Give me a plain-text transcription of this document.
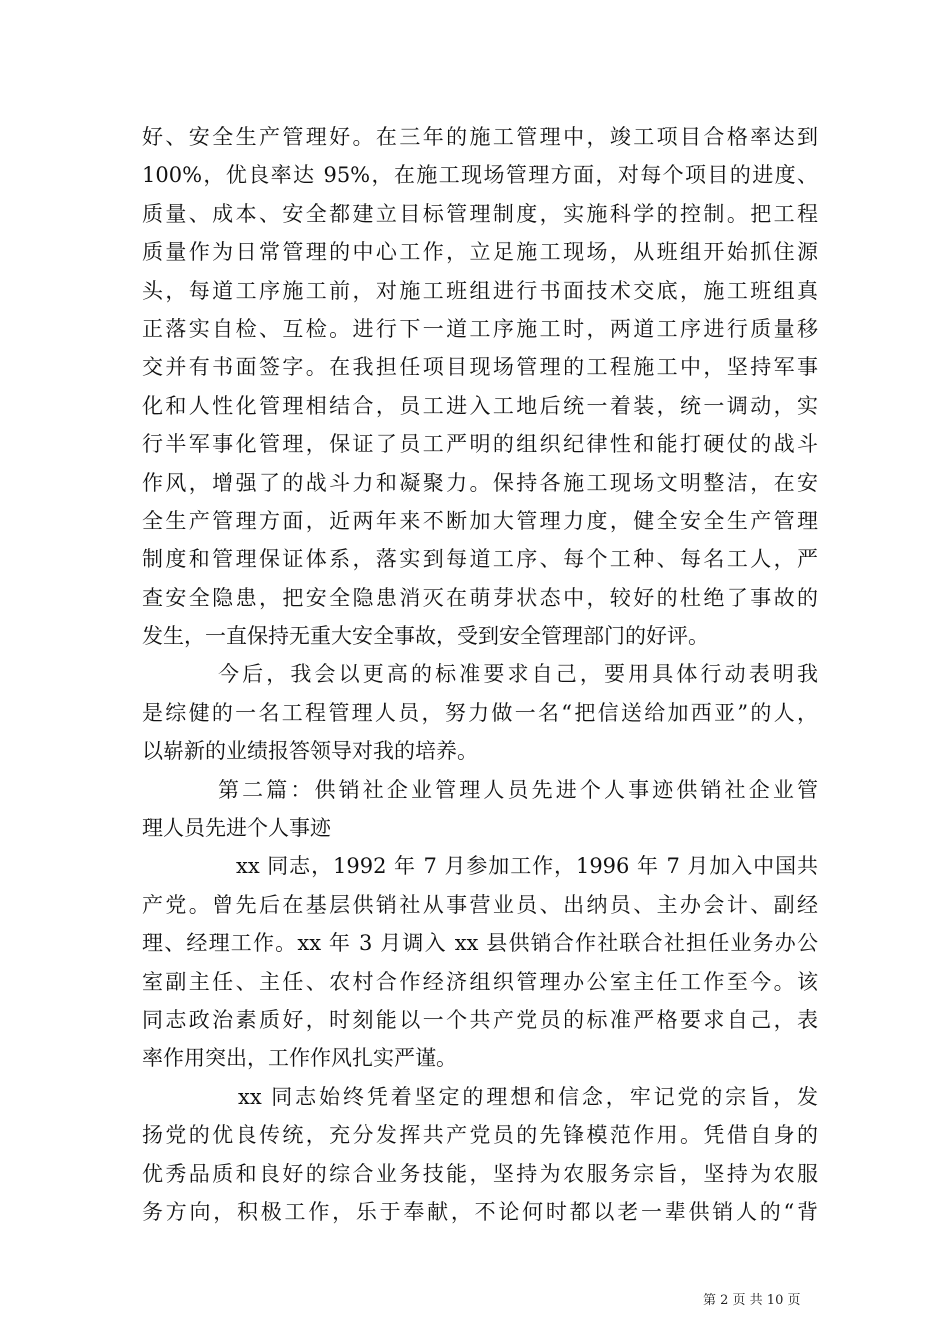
好、安全生产管理好。在三年的施工管理中，竣工项目合格率达到
100%，优良率达 95%，在施工现场管理方面，对每个项目的进度、
质量、成本、安全都建立目标管理制度，实施科学的控制。把工程
质量作为日常管理的中心工作，立足施工现场，从班组开始抓住源
头，每道工序施工前，对施工班组进行书面技术交底，施工班组真
正落实自检、互检。进行下一道工序施工时，两道工序进行质量移
交并有书面签字。在我担任项目现场管理的工程施工中，坚持军事
化和人性化管理相结合，员工进入工地后统一着装，统一调动，实
行半军事化管理，保证了员工严明的组织纪律性和能打硬仗的战斗
作风，增强了的战斗力和凝聚力。保持各施工现场文明整洁，在安
全生产管理方面，近两年来不断加大管理力度，健全安全生产管理
制度和管理保证体系，落实到每道工序、每个工种、每名工人，严
查安全隐患，把安全隐患消灭在萌芽状态中，较好的杜绝了事故的
发生，一直保持无重大安全事故，受到安全管理部门的好评。
今后，我会以更高的标准要求自己，要用具体行动表明我
是综健的一名工程管理人员，努力做一名“把信送给加西亚”的人，
以崭新的业绩报答领导对我的培养。
第二篇：供销社企业管理人员先进个人事迹供销社企业管
理人员先进个人事迹
xx 同志，1992 年 7 月参加工作，1996 年 7 月加入中国共
产党。曾先后在基层供销社从事营业员、出纳员、主办会计、副经
理、经理工作。xx 年 3 月调入 xx 县供销合作社联合社担任业务办公
室副主任、主任、农村合作经济组织管理办公室主任工作至今。该
同志政治素质好，时刻能以一个共产党员的标准严格要求自己，表
率作用突出，工作作风扎实严谨。
xx 同志始终凭着坚定的理想和信念，牢记党的宗旨，发
扬党的优良传统，充分发挥共产党员的先锋模范作用。凭借自身的
优秀品质和良好的综合业务技能，坚持为农服务宗旨，坚持为农服
务方向，积极工作，乐于奉献，不论何时都以老一辈供销人的“背
第 2 页 共 10 页
